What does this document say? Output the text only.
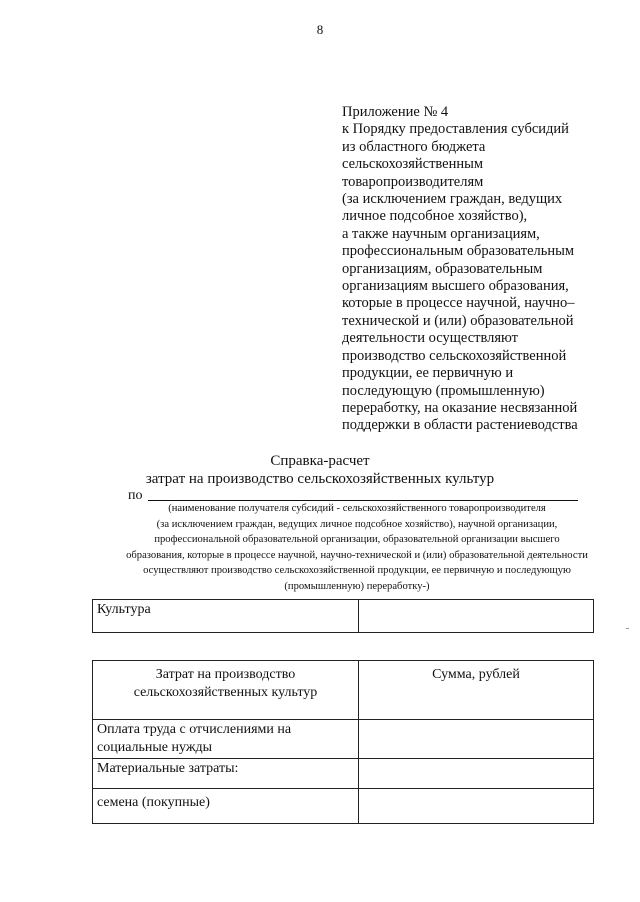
8
Приложение № 4
к Порядку предоставления субсидий
из областного бюджета
сельскохозяйственным
товаропроизводителям
(за исключением граждан, ведущих
личное подсобное хозяйство),
а также научным организациям,
профессиональным образовательным
организациям, образовательным
организациям высшего образования,
которые в процессе научной, научно–
технической и (или) образовательной
деятельности осуществляют
производство сельскохозяйственной
продукции, ее первичную и
последующую (промышленную)
переработку, на оказание несвязанной
поддержки в области растениеводства
Справка-расчет
затрат на производство сельскохозяйственных культур
по
(наименование получателя субсидий - сельскохозяйственного товаропроизводителя
(за исключением граждан, ведущих личное подсобное хозяйство), научной организации,
профессиональной образовательной организации, образовательной организации высшего
образования, которые в процессе научной, научно-технической и (или) образовательной деятельности
осуществляют производство сельскохозяйственной продукции, ее первичную и последующую
(промышленную) переработку-)
Культура	
Затрат на производство сельскохозяйственных культур	Сумма, рублей
Оплата труда с отчислениями на социальные нужды	
Материальные затраты:	
семена (покупные)	
